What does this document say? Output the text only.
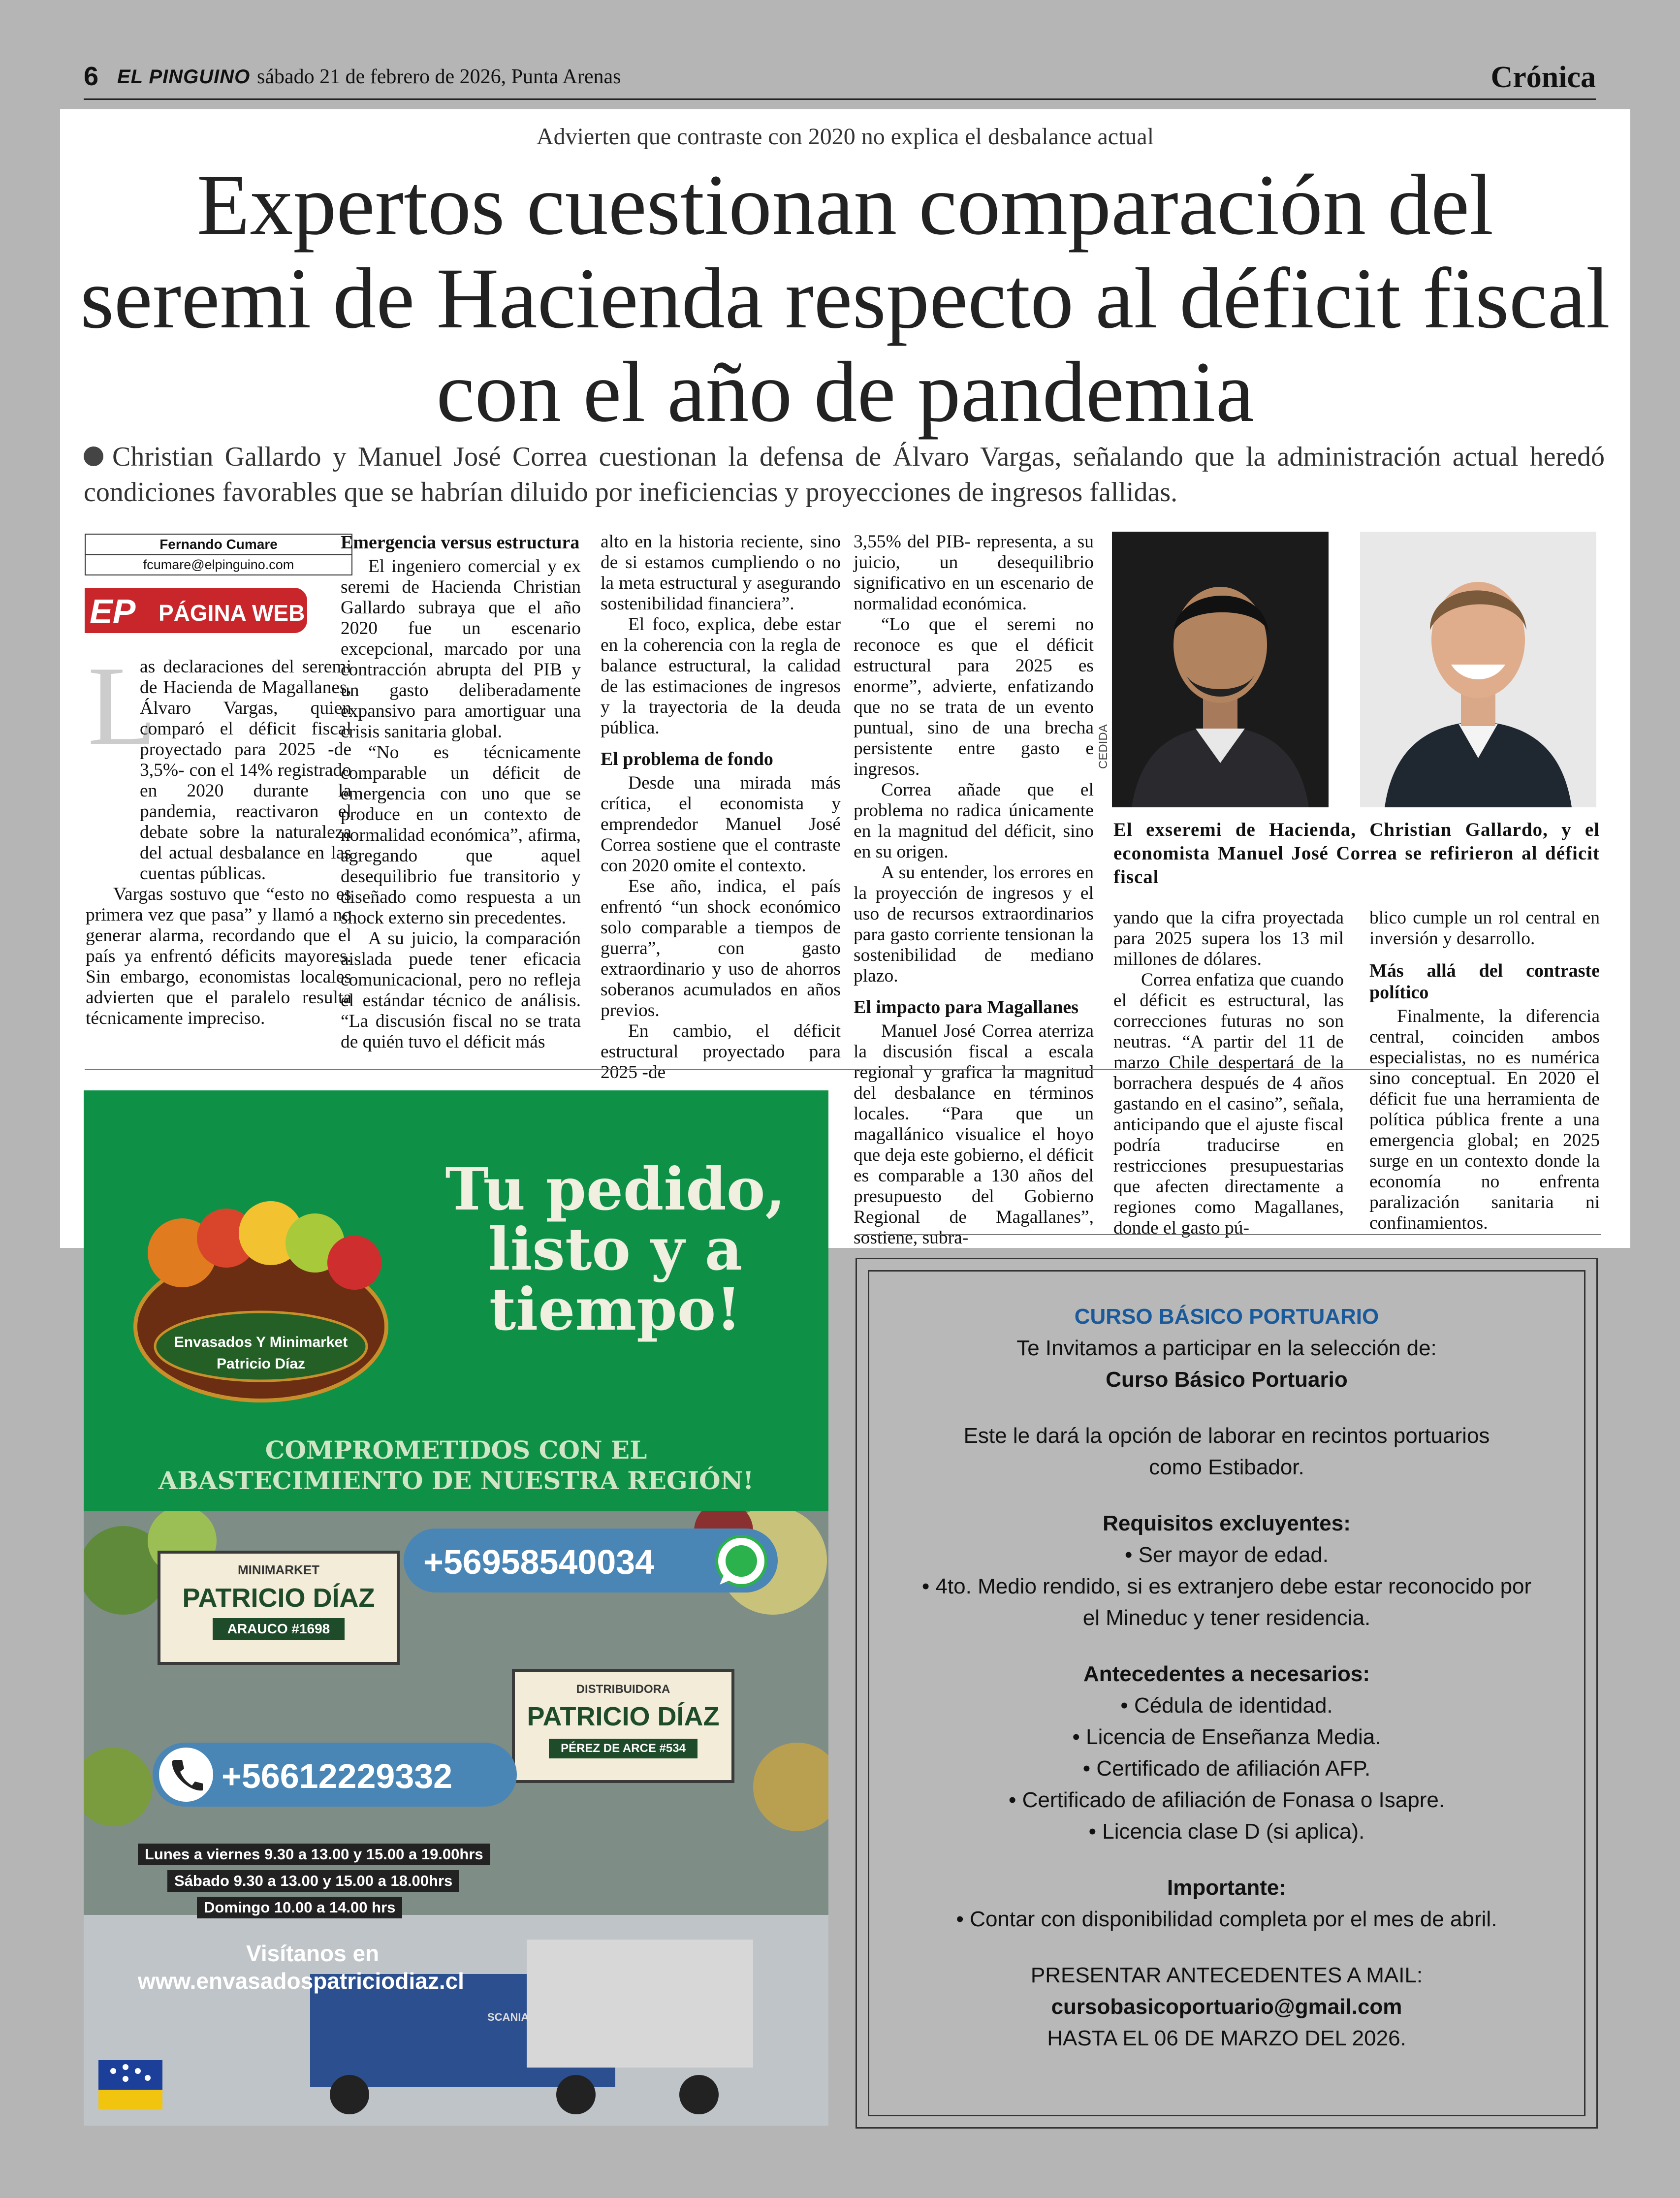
6 EL PINGUINO sábado 21 de febrero de 2026, Punta Arenas	Crónica
Advierten que contraste con 2020 no explica el desbalance actual
Expertos cuestionan comparación del seremi de Hacienda respecto al déficit fiscal con el año de pandemia
Christian Gallardo y Manuel José Correa cuestionan la defensa de Álvaro Vargas, señalando que la administración actual heredó condiciones favorables que se habrían diluido por ineficiencias y proyecciones de ingresos fallidas.
Fernando Cumare
fcumare@elpinguino.com
EP PÁGINA WEB
L

as declaraciones del seremi de Hacienda de Magallanes, Álvaro Vargas, quien comparó el déficit fiscal proyectado para 2025 -de 3,5%- con el 14% registrado en 2020 durante la pandemia, reactivaron el debate sobre la naturaleza del actual desbalance en las cuentas públicas.

Vargas sostuvo que “esto no es primera vez que pasa” y llamó a no generar alarma, recordando que el país ya enfrentó déficits mayores. Sin embargo, economistas locales advierten que el paralelo resulta técnicamente impreciso.

Emergencia versus estructura

El ingeniero comercial y ex seremi de Hacienda Christian Gallardo subraya que el año 2020 fue un escenario excepcional, marcado por una contracción abrupta del PIB y un gasto deliberadamente expansivo para amortiguar una crisis sanitaria global.

“No es técnicamente comparable un déficit de emergencia con uno que se produce en un contexto de normalidad económica”, afirma, agregando que aquel desequilibrio fue transitorio y diseñado como respuesta a un shock externo sin precedentes.

A su juicio, la comparación aislada puede tener eficacia comunicacional, pero no refleja el estándar técnico de análisis. “La discusión fiscal no se trata de quién tuvo el déficit más

alto en la historia reciente, sino de si estamos cumpliendo o no la meta estructural y asegurando sostenibilidad financiera”.

El foco, explica, debe estar en la coherencia con la regla de balance estructural, la calidad de las estimaciones de ingresos y la trayectoria de la deuda pública.

El problema de fondo

Desde una mirada más crítica, el economista y emprendedor Manuel José Correa sostiene que el contraste con 2020 omite el contexto.

Ese año, indica, el país enfrentó “un shock económico solo comparable a tiempos de guerra”, con gasto extraordinario y uso de ahorros soberanos acumulados en años previos.

En cambio, el déficit estructural proyectado para 2025 -de

3,55% del PIB- representa, a su juicio, un desequilibrio significativo en un escenario de normalidad económica.

“Lo que el seremi no reconoce es que el déficit estructural para 2025 es enorme”, advierte, enfatizando que no se trata de un evento puntual, sino de una brecha persistente entre gasto e ingresos.

Correa añade que el problema no radica únicamente en la magnitud del déficit, sino en su origen.

A su entender, los errores en la proyección de ingresos y el uso de recursos extraordinarios para gasto corriente tensionan la sostenibilidad de mediano plazo.

El impacto para Magallanes

Manuel José Correa aterriza la discusión fiscal a escala regional y grafica la magnitud del desbalance en términos locales. “Para que un magallánico visualice el hoyo que deja este gobierno, el déficit es comparable a 130 años del presupuesto del Gobierno Regional de Magallanes”, sostiene, subra-

CEDIDA
El exseremi de Hacienda, Christian Gallardo, y el economista Manuel José Correa se refirieron al déficit fiscal

yando que la cifra proyectada para 2025 supera los 13 mil millones de dólares.

Correa enfatiza que cuando el déficit es estructural, las correcciones futuras no son neutras. “A partir del 11 de marzo Chile despertará de la borrachera después de 4 años gastando en el casino”, señala, anticipando que el ajuste fiscal podría traducirse en restricciones presupuestarias que afecten directamente a regiones como Magallanes, donde el gasto pú-

blico cumple un rol central en inversión y desarrollo.

Más allá del contraste político

Finalmente, la diferencia central, coinciden ambos especialistas, no es numérica sino conceptual. En 2020 el déficit fue una herramienta de política pública frente a una emergencia global; en 2025 surge en un contexto donde la economía no enfrenta paralización sanitaria ni confinamientos.

Envasados Y Minimarket
Patricio Díaz
Tu pedido,
listo y a
tiempo!
COMPROMETIDOS CON EL
ABASTECIMIENTO DE NUESTRA REGIÓN!
+56958540034
MINIMARKET
PATRICIO DÍAZ
ARAUCO #1698
DISTRIBUIDORA
PATRICIO DÍAZ
PÉREZ DE ARCE #534
+56612229332
Lunes a viernes 9.30 a 13.00 y 15.00 a 19.00hrs
Sábado 9.30 a 13.00 y 15.00 a 18.00hrs
Domingo 10.00 a 14.00 hrs
Visítanos en
www.envasadospatriciodiaz.cl
SCANIA
CURSO BÁSICO PORTUARIO
Te Invitamos a participar en la selección de:
Curso Básico Portuario
Este le dará la opción de laborar en recintos portuarios como Estibador.
Requisitos excluyentes:
• Ser mayor de edad.
• 4to. Medio rendido, si es extranjero debe estar reconocido por el Mineduc y tener residencia.
Antecedentes a necesarios:
• Cédula de identidad.
• Licencia de Enseñanza Media.
• Certificado de afiliación AFP.
• Certificado de afiliación de Fonasa o Isapre.
• Licencia clase D (si aplica).
Importante:
• Contar con disponibilidad completa por el mes de abril.
PRESENTAR ANTECEDENTES A MAIL:
cursobasicoportuario@gmail.com
HASTA EL 06 DE MARZO DEL 2026.
